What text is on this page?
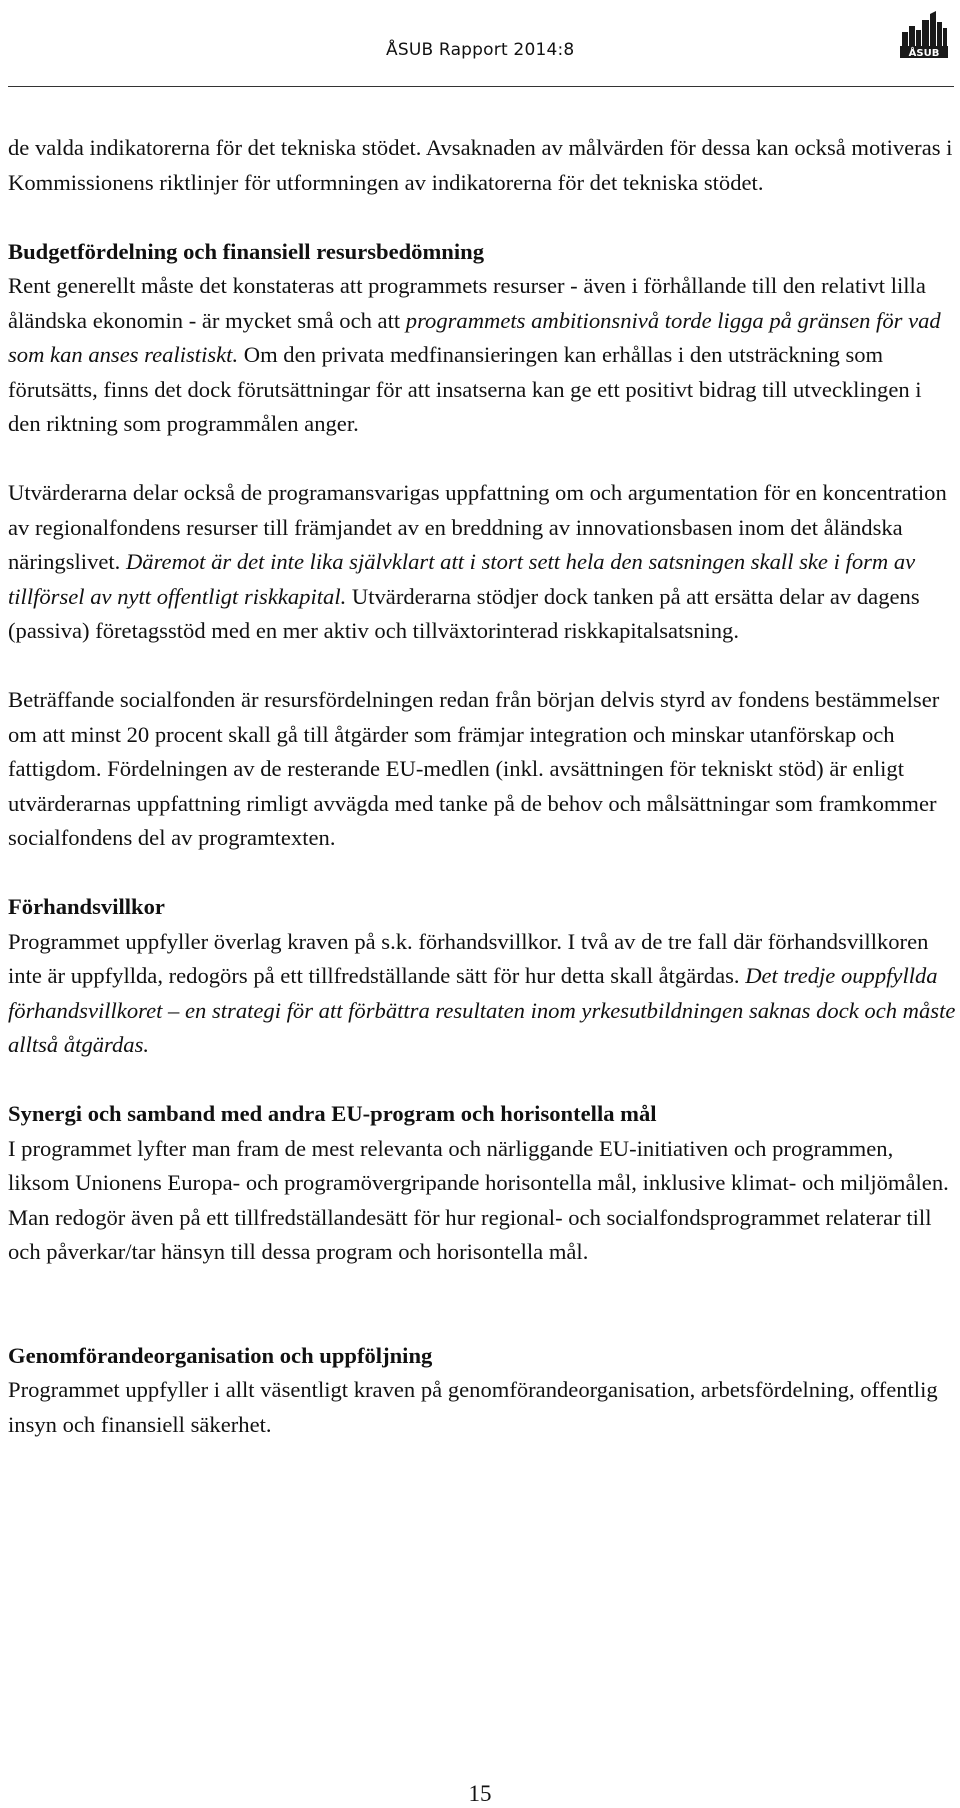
ÅSUB Rapport 2014:8	ÅSUB

de valda indikatorerna för det tekniska stödet. Avsaknaden av målvärden för dessa kan också motiveras i Kommissionens riktlinjer för utformningen av indikatorerna för det tekniska stödet.

Budgetfördelning och finansiell resursbedömning

Rent generellt måste det konstateras att programmets resurser - även i förhållande till den relativt lilla åländska ekonomin - är mycket små och att programmets ambitionsnivå torde ligga på gränsen för vad som kan anses realistiskt. Om den privata medfinansieringen kan erhållas i den utsträckning som förutsätts, finns det dock förutsättningar för att insatserna kan ge ett positivt bidrag till utvecklingen i den riktning som programmålen anger.

Utvärderarna delar också de programansvarigas uppfattning om och argumentation för en koncentration av regionalfondens resurser till främjandet av en breddning av innovationsbasen inom det åländska näringslivet. Däremot är det inte lika självklart att i stort sett hela den satsningen skall ske i form av tillförsel av nytt offentligt riskkapital. Utvärderarna stödjer dock tanken på att ersätta delar av dagens (passiva) företagsstöd med en mer aktiv och tillväxtorinterad riskkapitalsatsning.

Beträffande socialfonden är resursfördelningen redan från början delvis styrd av fondens bestämmelser om att minst 20 procent skall gå till åtgärder som främjar integration och minskar utanförskap och fattigdom. Fördelningen av de resterande EU-medlen (inkl. avsättningen för tekniskt stöd) är enligt utvärderarnas uppfattning rimligt avvägda med tanke på de behov och målsättningar som framkommer socialfondens del av programtexten.

Förhandsvillkor

Programmet uppfyller överlag kraven på s.k. förhandsvillkor. I två av de tre fall där förhandsvillkoren inte är uppfyllda, redogörs på ett tillfredställande sätt för hur detta skall åtgärdas. Det tredje ouppfyllda förhandsvillkoret – en strategi för att förbättra resultaten inom yrkesutbildningen saknas dock och måste alltså åtgärdas.

Synergi och samband med andra EU-program och horisontella mål

I programmet lyfter man fram de mest relevanta och närliggande EU-initiativen och programmen, liksom Unionens Europa- och programövergripande horisontella mål, inklusive klimat- och miljömålen. Man redogör även på ett tillfredställandesätt för hur regional- och socialfondsprogrammet relaterar till och påverkar/tar hänsyn till dessa program och horisontella mål.

Genomförandeorganisation och uppföljning

Programmet uppfyller i allt väsentligt kraven på genomförandeorganisation, arbetsfördelning, offentlig insyn och finansiell säkerhet.

15
